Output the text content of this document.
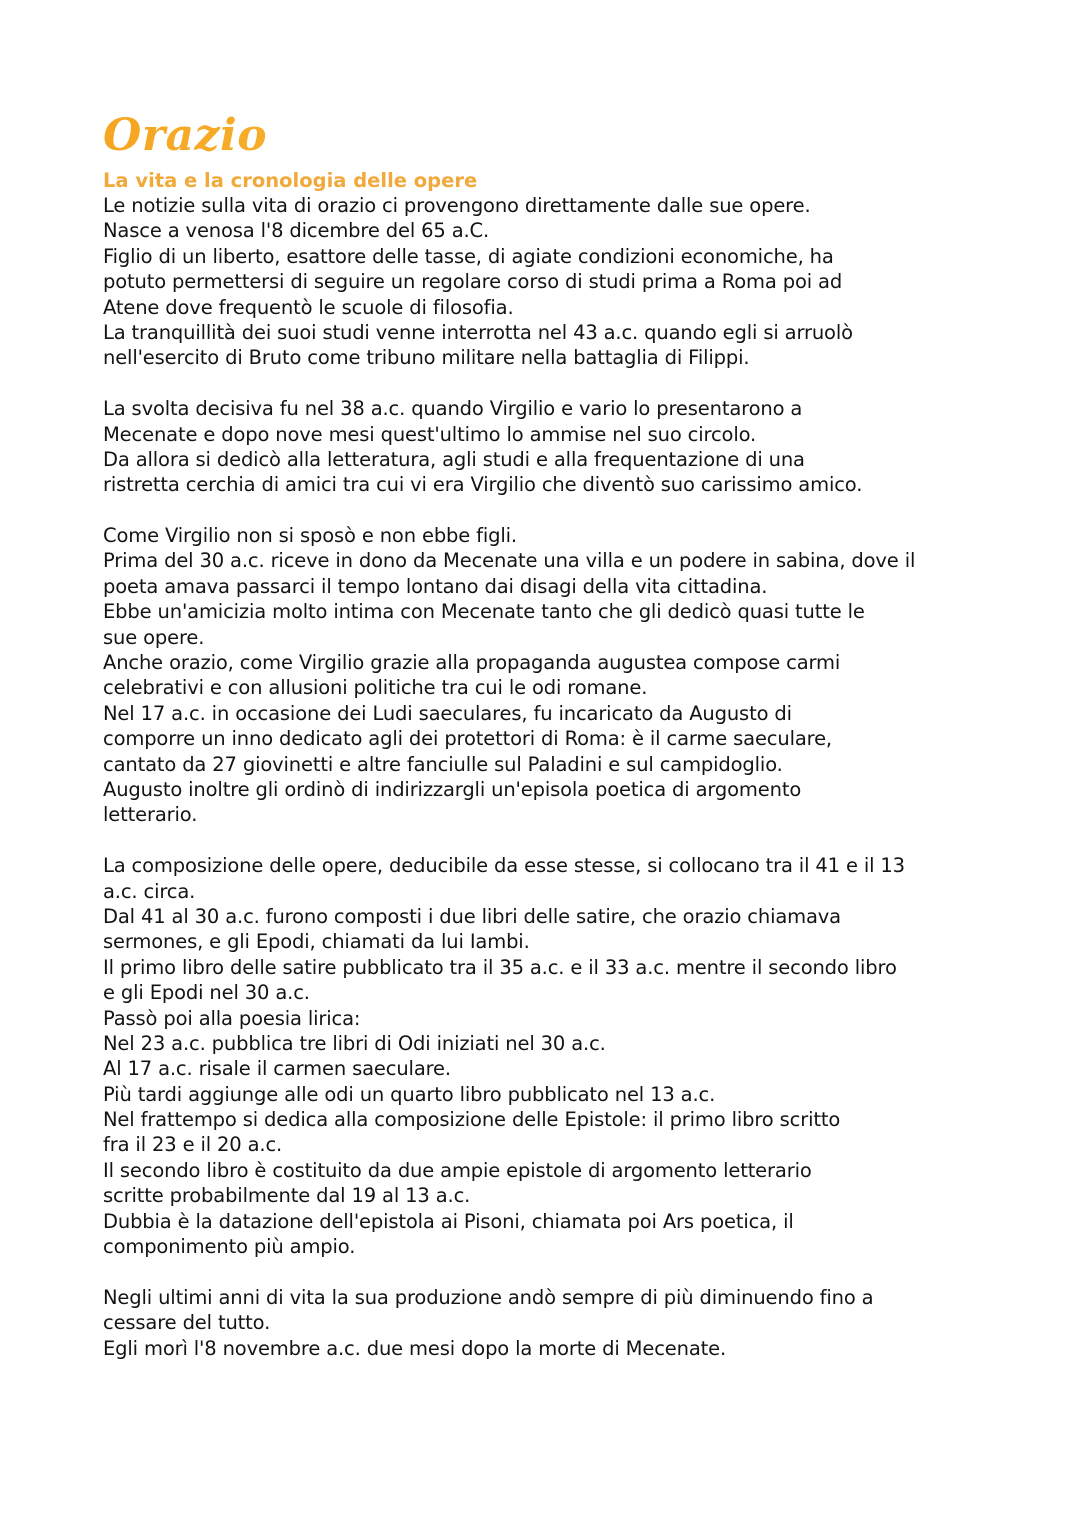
Orazio
La vita e la cronologia delle opere
Le notizie sulla vita di orazio ci provengono direttamente dalle sue opere.
Nasce a venosa l'8 dicembre del 65 a.C.
Figlio di un liberto, esattore delle tasse, di agiate condizioni economiche, ha
potuto permettersi di seguire un regolare corso di studi prima a Roma poi ad
Atene dove frequentò le scuole di filosofia.
La tranquillità dei suoi studi venne interrotta nel 43 a.c. quando egli si arruolò
nell'esercito di Bruto come tribuno militare nella battaglia di Filippi.
La svolta decisiva fu nel 38 a.c. quando Virgilio e vario lo presentarono a
Mecenate e dopo nove mesi quest'ultimo lo ammise nel suo circolo.
Da allora si dedicò alla letteratura, agli studi e alla frequentazione di una
ristretta cerchia di amici tra cui vi era Virgilio che diventò suo carissimo amico.
Come Virgilio non si sposò e non ebbe figli.
Prima del 30 a.c. riceve in dono da Mecenate una villa e un podere in sabina, dove il
poeta amava passarci il tempo lontano dai disagi della vita cittadina.
Ebbe un'amicizia molto intima con Mecenate tanto che gli dedicò quasi tutte le
sue opere.
Anche orazio, come Virgilio grazie alla propaganda augustea compose carmi
celebrativi e con allusioni politiche tra cui le odi romane.
Nel 17 a.c. in occasione dei Ludi saeculares, fu incaricato da Augusto di
comporre un inno dedicato agli dei protettori di Roma: è il carme saeculare,
cantato da 27 giovinetti e altre fanciulle sul Paladini e sul campidoglio.
Augusto inoltre gli ordinò di indirizzargli un'episola poetica di argomento
letterario.
La composizione delle opere, deducibile da esse stesse, si collocano tra il 41 e il 13
a.c. circa.
Dal 41 al 30 a.c. furono composti i due libri delle satire, che orazio chiamava
sermones, e gli Epodi, chiamati da lui Iambi.
Il primo libro delle satire pubblicato tra il 35 a.c. e il 33 a.c. mentre il secondo libro
e gli Epodi nel 30 a.c.
Passò poi alla poesia lirica:
Nel 23 a.c. pubblica tre libri di Odi iniziati nel 30 a.c.
Al 17 a.c. risale il carmen saeculare.
Più tardi aggiunge alle odi un quarto libro pubblicato nel 13 a.c.
Nel frattempo si dedica alla composizione delle Epistole: il primo libro scritto
fra il 23 e il 20 a.c.
Il secondo libro è costituito da due ampie epistole di argomento letterario
scritte probabilmente dal 19 al 13 a.c.
Dubbia è la datazione dell'epistola ai Pisoni, chiamata poi Ars poetica, il
componimento più ampio.
Negli ultimi anni di vita la sua produzione andò sempre di più diminuendo fino a
cessare del tutto.
Egli morì l'8 novembre a.c. due mesi dopo la morte di Mecenate.
